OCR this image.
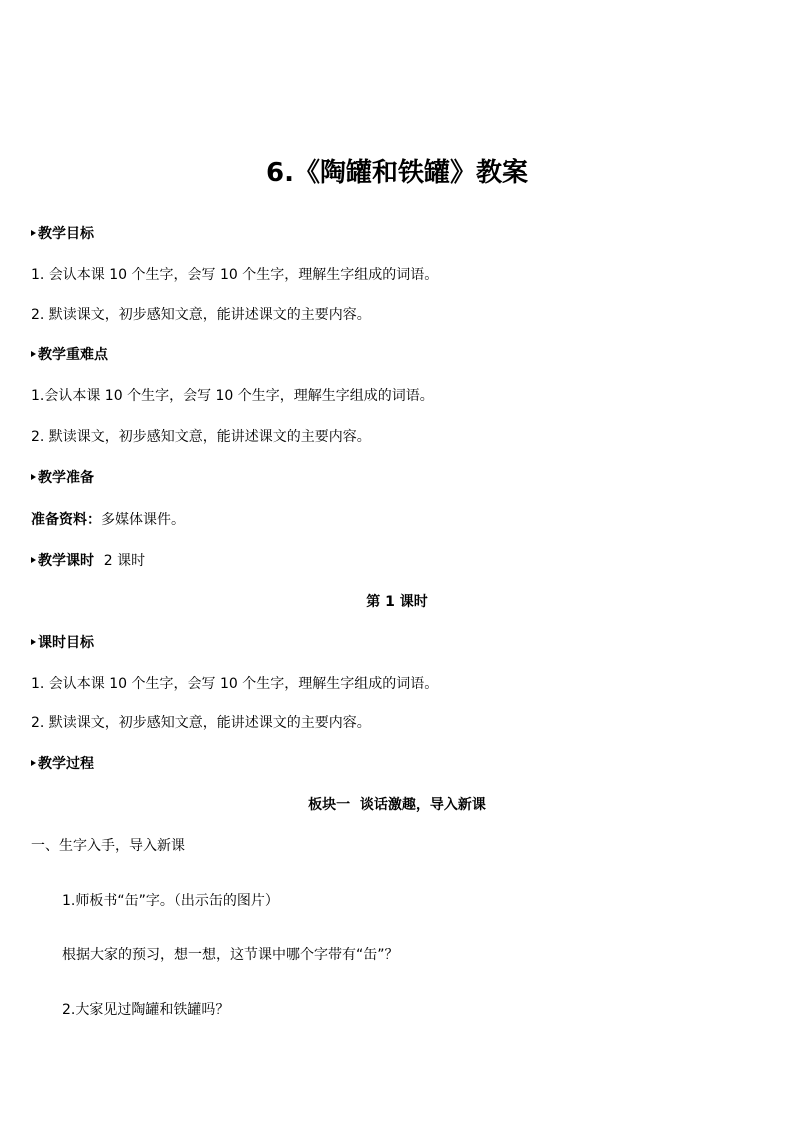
6.《陶罐和铁罐》教案
教学目标
1. 会认本课 10 个生字，会写 10 个生字，理解生字组成的词语。
2. 默读课文，初步感知文意，能讲述课文的主要内容。
教学重难点
1.会认本课 10 个生字，会写 10 个生字，理解生字组成的词语。
2. 默读课文，初步感知文意，能讲述课文的主要内容。
教学准备
准备资料：多媒体课件。
教学课时 2 课时
第 1 课时
课时目标
1. 会认本课 10 个生字，会写 10 个生字，理解生字组成的词语。
2. 默读课文，初步感知文意，能讲述课文的主要内容。
教学过程
板块一  谈话激趣，导入新课
一、生字入手，导入新课
1.师板书“缶”字。（出示缶的图片）
根据大家的预习，想一想，这节课中哪个字带有“缶”？
2.大家见过陶罐和铁罐吗？
